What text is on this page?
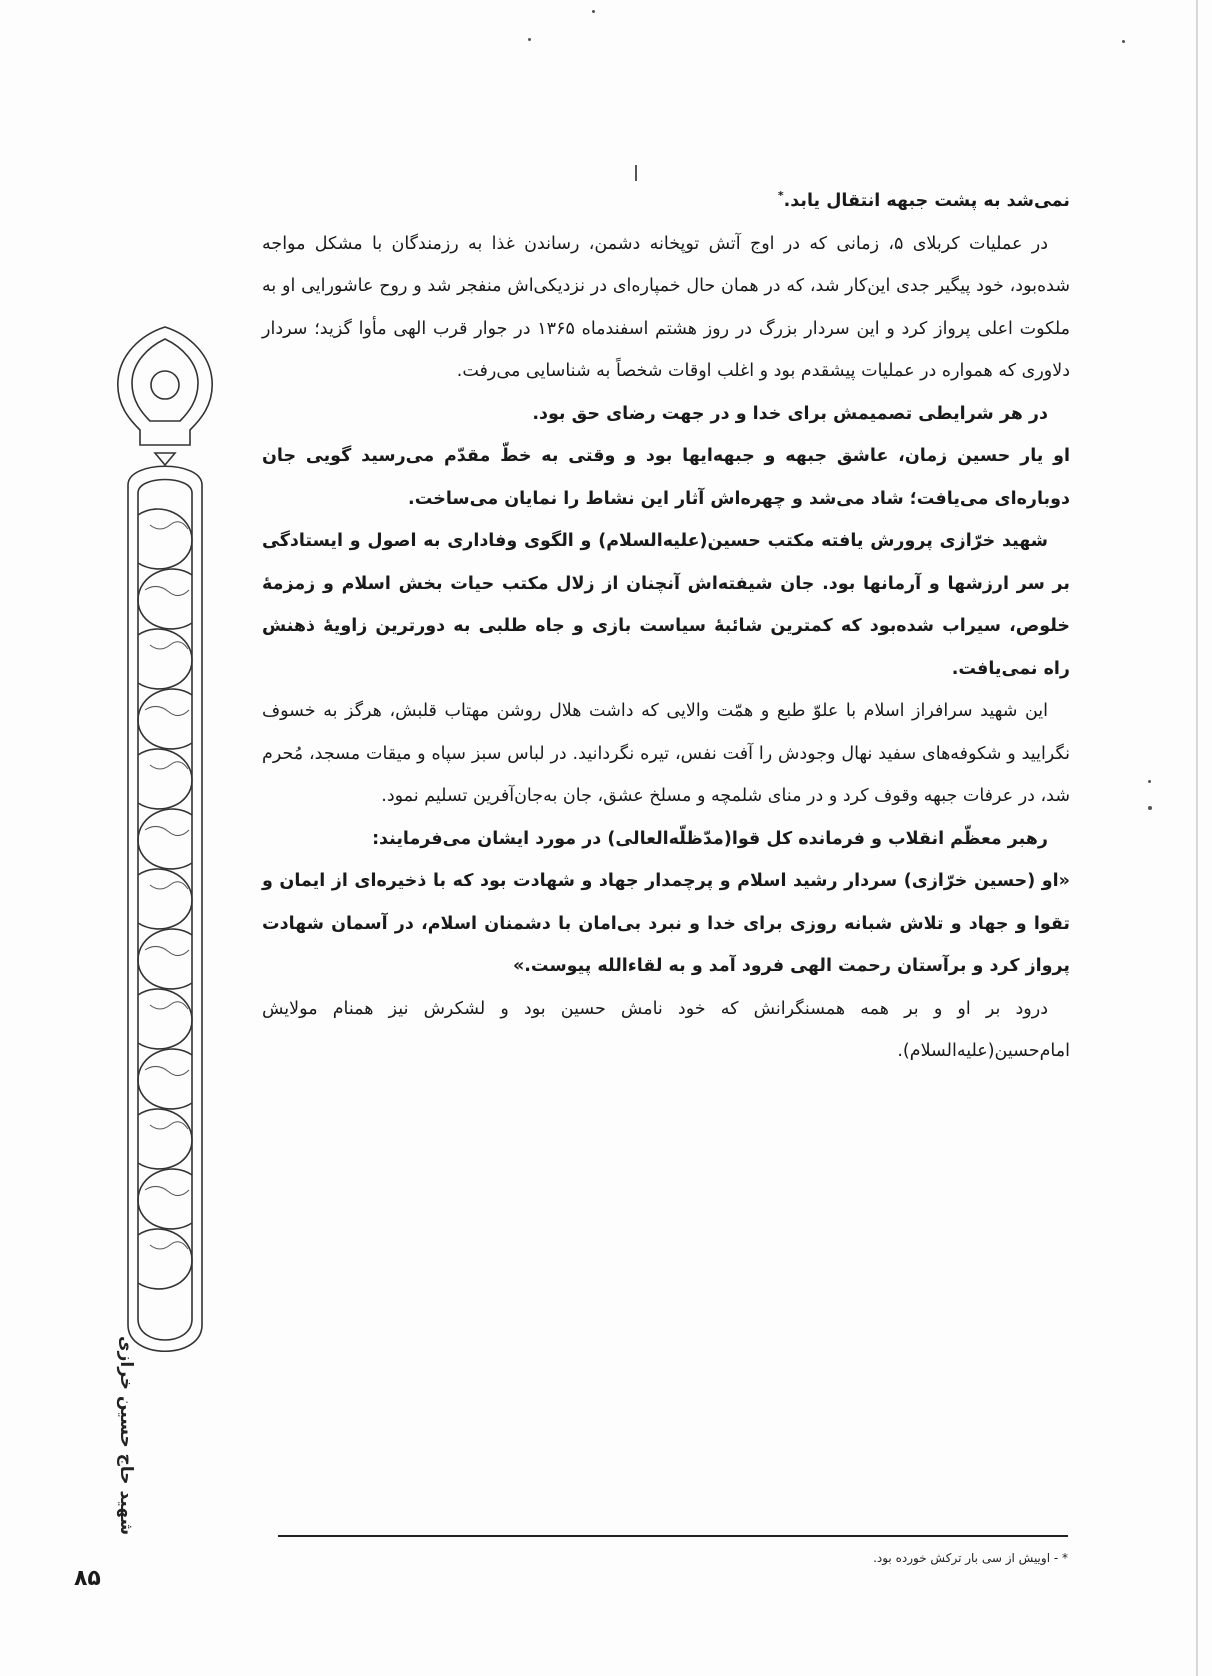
نمی‌شد به پشت جبهه انتقال یابد.*

در عملیات کربلای ۵، زمانی که در اوج آتش توپخانه دشمن، رساندن غذا به رزمندگان با مشکل مواجه شده‌بود، خود پیگیر جدی این‌کار شد، که در همان حال خمپاره‌ای در نزدیکی‌اش منفجر شد و روح عاشورایی او به ملکوت اعلی پرواز کرد و این سردار بزرگ در روز هشتم اسفندماه ۱۳۶۵ در جوار قرب الهی مأوا گزید؛ سردار دلاوری که همواره در عملیات پیشقدم بود و اغلب اوقات شخصاً به شناسایی می‌رفت.

در هر شرایطی تصمیمش برای خدا و در جهت رضای حق بود.

او یار حسین زمان، عاشق جبهه و جبهه‌ایها بود و وقتی به خطّ مقدّم می‌رسید گویی جان دوباره‌ای می‌یافت؛ شاد می‌شد و چهره‌اش آثار این نشاط را نمایان می‌ساخت.

شهید خرّازی پرورش یافته مکتب حسین(علیه‌السلام) و الگوی وفاداری به اصول و ایستادگی بر سر ارزشها و آرمانها بود. جان شیفته‌اش آنچنان از زلال مکتب حیات بخش اسلام و زمزمهٔ خلوص، سیراب شده‌بود که کمترین شائبهٔ سیاست بازی و جاه طلبی به دورترین زاویهٔ ذهنش راه نمی‌یافت.

این شهید سرافراز اسلام با علوّ طبع و همّت والایی که داشت هلال روشن مهتاب قلبش، هرگز به خسوف نگرایید و شکوفه‌های سفید نهال وجودش را آفت نفس، تیره نگردانید. در لباس سبز سپاه و میقات مسجد، مُحرم شد، در عرفات جبهه وقوف کرد و در منای شلمچه و مسلخ عشق، جان به‌جان‌آفرین تسلیم نمود.

رهبر معظّم انقلاب و فرمانده کل قوا(مدّظلّه‌العالی) در مورد ایشان می‌فرمایند:

«او (حسین خرّازی) سردار رشید اسلام و پرچمدار جهاد و شهادت بود که با ذخیره‌ای از ایمان و تقوا و جهاد و تلاش شبانه روزی برای خدا و نبرد بی‌امان با دشمنان اسلام، در آسمان شهادت پرواز کرد و برآستان رحمت الهی فرود آمد و به لقاءالله پیوست.»

درود بر او و بر همه همسنگرانش که خود نامش حسین بود و لشکرش نیز همنام مولایش امام‌حسین(علیه‌السلام).

شهید حاج حسین خرازی
* - اوییش از سی بار ترکش خورده بود.
۸۵
